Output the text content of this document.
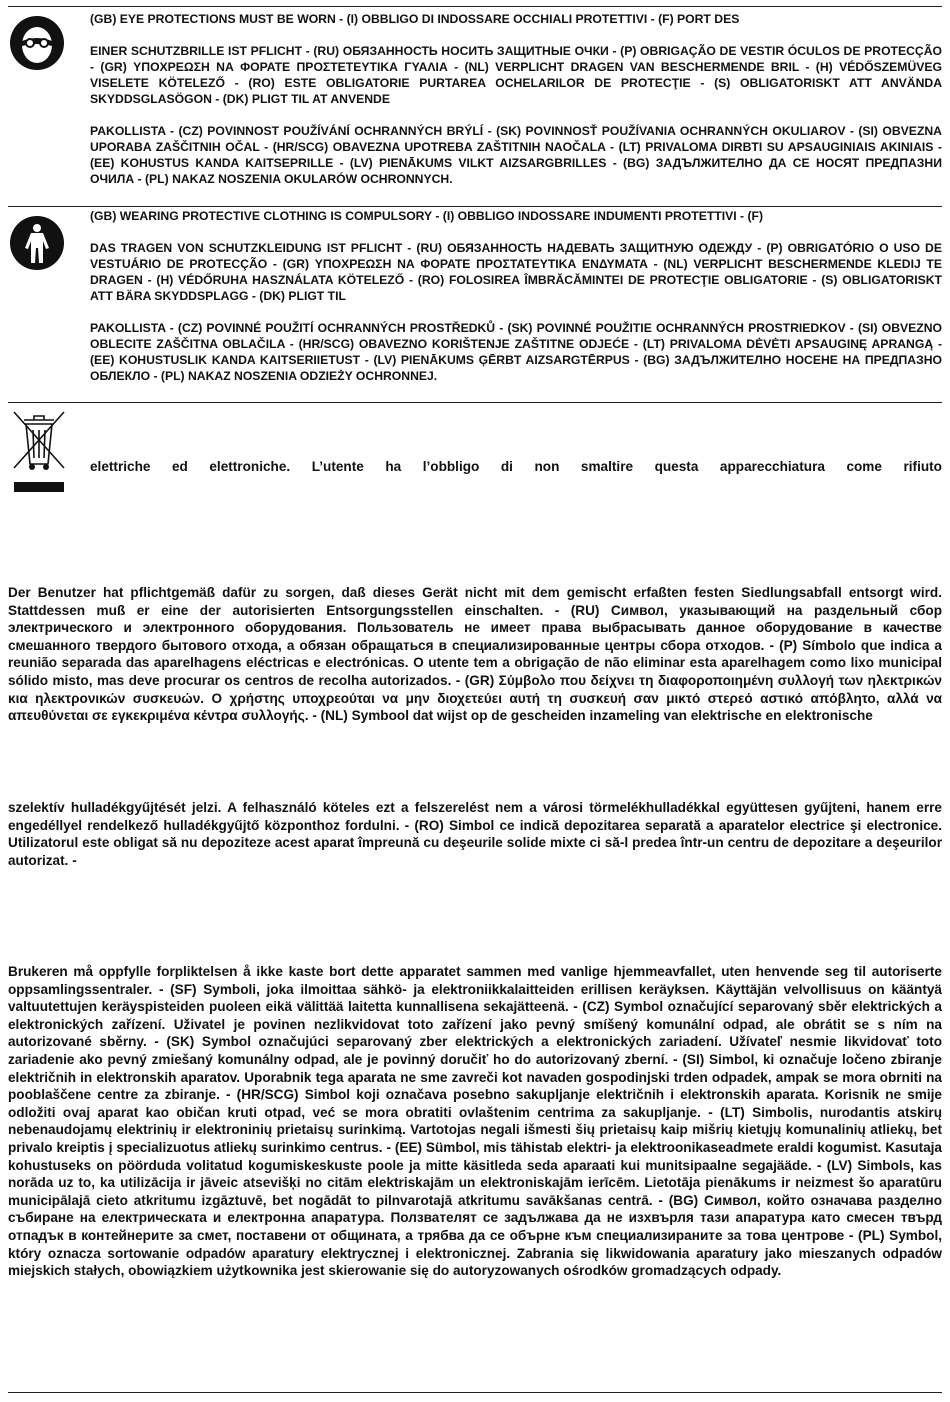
(GB) EYE PROTECTIONS MUST BE WORN - (I) OBBLIGO DI INDOSSARE OCCHIALI PROTETTIVI - (F) PORT DES

EINER SCHUTZBRILLE IST PFLICHT - (RU) ОБЯЗАННОСТЬ НОСИТЬ ЗАЩИТНЫЕ ОЧКИ - (P) OBRIGAÇÃO DE VESTIR ÓCULOS DE PROTECÇÃO - (GR) ΥΠΟΧΡΕΩΣΗ ΝΑ ΦΟΡΑΤΕ ΠΡΟΣΤΕΤΕΥΤΙΚΑ ΓΥΑΛΙΑ - (NL) VERPLICHT DRAGEN VAN BESCHERMENDE BRIL - (H) VÉDŐSZEMÜVEG VISELETE KÖTELEZŐ - (RO) ESTE OBLIGATORIE PURTAREA OCHELARILOR DE PROTECŢIE - (S) OBLIGATORISKT ATT ANVÄNDA SKYDDSGLASÖGON - (DK) PLIGT TIL AT ANVENDE

PAKOLLISTA - (CZ) POVINNOST POUŽÍVÁNÍ OCHRANNÝCH BRÝLÍ - (SK) POVINNOSŤ POUŽÍVANIA OCHRANNÝCH OKULIAROV - (SI) OBVEZNA UPORABA ZAŠČITNIH OČAL - (HR/SCG) OBAVEZNA UPOTREBA ZAŠTITNIH NAOČALA - (LT) PRIVALOMA DIRBTI SU APSAUGINIAIS AKINIAIS - (EE) KOHUSTUS KANDA KAITSEPRILLE - (LV) PIENĀKUMS VILKT AIZSARGBRILLES - (BG) ЗАДЪЛЖИТЕЛНО ДА СЕ НОСЯТ ПРЕДПАЗНИ ОЧИЛА - (PL) NAKAZ NOSZENIA OKULARÓW OCHRONNYCH.

(GB) WEARING PROTECTIVE CLOTHING IS COMPULSORY - (I) OBBLIGO INDOSSARE INDUMENTI PROTETTIVI - (F)

DAS TRAGEN VON SCHUTZKLEIDUNG IST PFLICHT - (RU) ОБЯЗАННОСТЬ НАДЕВАТЬ ЗАЩИТНУЮ ОДЕЖДУ - (P) OBRIGATÓRIO O USO DE VESTUÁRIO DE PROTECÇÃO - (GR) ΥΠΟΧΡΕΩΣΗ ΝΑ ΦΟΡΑΤΕ ΠΡΟΣΤΑΤΕΥΤΙΚΑ ΕΝΔΥΜΑΤΑ - (NL) VERPLICHT BESCHERMENDE KLEDIJ TE DRAGEN - (H) VÉDŐRUHA HASZNÁLATA KÖTELEZŐ - (RO) FOLOSIREA ÎMBRĂCĂMINTEI DE PROTECŢIE OBLIGATORIE - (S) OBLIGATORISKT ATT BÄRA SKYDDSPLAGG - (DK) PLIGT TIL

PAKOLLISTA - (CZ) POVINNÉ POUŽITÍ OCHRANNÝCH PROSTŘEDKŮ - (SK) POVINNÉ POUŽITIE OCHRANNÝCH PROSTRIEDKOV - (SI) OBVEZNO OBLECITE ZAŠČITNA OBLAČILA - (HR/SCG) OBAVEZNO KORIŠTENJE ZAŠTITNE ODJEĆE - (LT) PRIVALOMA DĖVĖTI APSAUGINĘ APRANGĄ - (EE) KOHUSTUSLIK KANDA KAITSERIIETUST - (LV) PIENĀKUMS ĢĒRBT AIZSARGTĒRPUS - (BG) ЗАДЪЛЖИТЕЛНО НОСЕНЕ НА ПРЕДПАЗНО ОБЛЕКЛО - (PL) NAKAZ NOSZENIA ODZIEŻY OCHRONNEJ.

elettriche ed elettroniche. L’utente ha l’obbligo di non smaltire questa apparecchiatura come rifiuto

Der Benutzer hat pflichtgemäß dafür zu sorgen, daß dieses Gerät nicht mit dem gemischt erfaßten festen Siedlungsabfall entsorgt wird. Stattdessen muß er eine der autorisierten Entsorgungsstellen einschalten. - (RU) Символ, указывающий на раздельный сбор электрического и электронного оборудования. Пользователь не имеет права выбрасывать данное оборудование в качестве смешанного твердого бытового отхода, а обязан обращаться в специализированные центры сбора отходов. - (P) Símbolo que indica a reunião separada das aparelhagens eléctricas e electrónicas. O utente tem a obrigação de não eliminar esta aparelhagem como lixo municipal sólido misto, mas deve procurar os centros de recolha autorizados. - (GR) Σύμβολο που δείχνει τη διαφοροποιημένη συλλογή των ηλεκτρικών κια ηλεκτρονικών συσκευών. Ο χρήστης υποχρεούται να μην διοχετεύει αυτή τη συσκευή σαν μικτό στερεό αστικό απόβλητο, αλλά να απευθύνεται σε εγκεκριμένα κέντρα συλλογής. - (NL) Symbool dat wijst op de gescheiden inzameling van elektrische en elektronische

szelektív hulladékgyűjtését jelzi. A felhasználó köteles ezt a felszerelést nem a városi törmelékhulladékkal együttesen gyűjteni, hanem erre engedéllyel rendelkező hulladékgyűjtő központhoz fordulni. - (RO) Simbol ce indică depozitarea separată a aparatelor electrice şi electronice. Utilizatorul este obligat să nu depoziteze acest aparat împreună cu deşeurile solide mixte ci să-l predea într-un centru de depozitare a deşeurilor autorizat. -

Brukeren må oppfylle forpliktelsen å ikke kaste bort dette apparatet sammen med vanlige hjemmeavfallet, uten henvende seg til autoriserte oppsamlingssentraler. - (SF) Symboli, joka ilmoittaa sähkö- ja elektroniikkalaitteiden erillisen keräyksen. Käyttäjän velvollisuus on kääntyä valtuutettujen keräyspisteiden puoleen eikä välittää laitetta kunnallisena sekajätteenä. - (CZ) Symbol označující separovaný sběr elektrických a elektronických zařízení. Uživatel je povinen nezlikvidovat toto zařízení jako pevný smíšený komunální odpad, ale obrátit se s ním na autorizované sběrny. - (SK) Symbol označujúci separovaný zber elektrických a elektronických zariadení. Užívateľ nesmie likvidovať toto zariadenie ako pevný zmiešaný komunálny odpad, ale je povinný doručiť ho do autorizovaný zberní. - (SI) Simbol, ki označuje ločeno zbiranje električnih in elektronskih aparatov. Uporabnik tega aparata ne sme zavreči kot navaden gospodinjski trden odpadek, ampak se mora obrniti na pooblaščene centre za zbiranje. - (HR/SCG) Simbol koji označava posebno sakupljanje električnih i elektronskih aparata. Korisnik ne smije odložiti ovaj aparat kao običan kruti otpad, već se mora obratiti ovlaštenim centrima za sakupljanje. - (LT) Simbolis, nurodantis atskirų nebenaudojamų elektrinių ir elektroninių prietaisų surinkimą. Vartotojas negali išmesti šių prietaisų kaip mišrių kietųjų komunalinių atliekų, bet privalo kreiptis į specializuotus atliekų surinkimo centrus. - (EE) Sümbol, mis tähistab elektri- ja elektroonikaseadmete eraldi kogumist. Kasutaja kohustuseks on pöörduda volitatud kogumiskeskuste poole ja mitte käsitleda seda aparaati kui munitsipaalne segajääde. - (LV) Simbols, kas norāda uz to, ka utilizācija ir jāveic atsevišķi no citām elektriskajām un elektroniskajām ierīcēm. Lietotāja pienākums ir neizmest šo aparatūru municipālajā cieto atkritumu izgāztuvē, bet nogādāt to pilnvarotajā atkritumu savākšanas centrā. - (BG) Символ, който означава разделно събиране на електрическата и електронна апаратура. Ползвателят се задължава да не изхвърля тази апаратура като смесен твърд отпадък в контейнерите за смет, поставени от общината, а трябва да се обърне към специализираните за това центрове - (PL) Symbol, który oznacza sortowanie odpadów aparatury elektrycznej i elektronicznej. Zabrania się likwidowania aparatury jako mieszanych odpadów miejskich stałych, obowiązkiem użytkownika jest skierowanie się do autoryzowanych ośrodków gromadzących odpady.
